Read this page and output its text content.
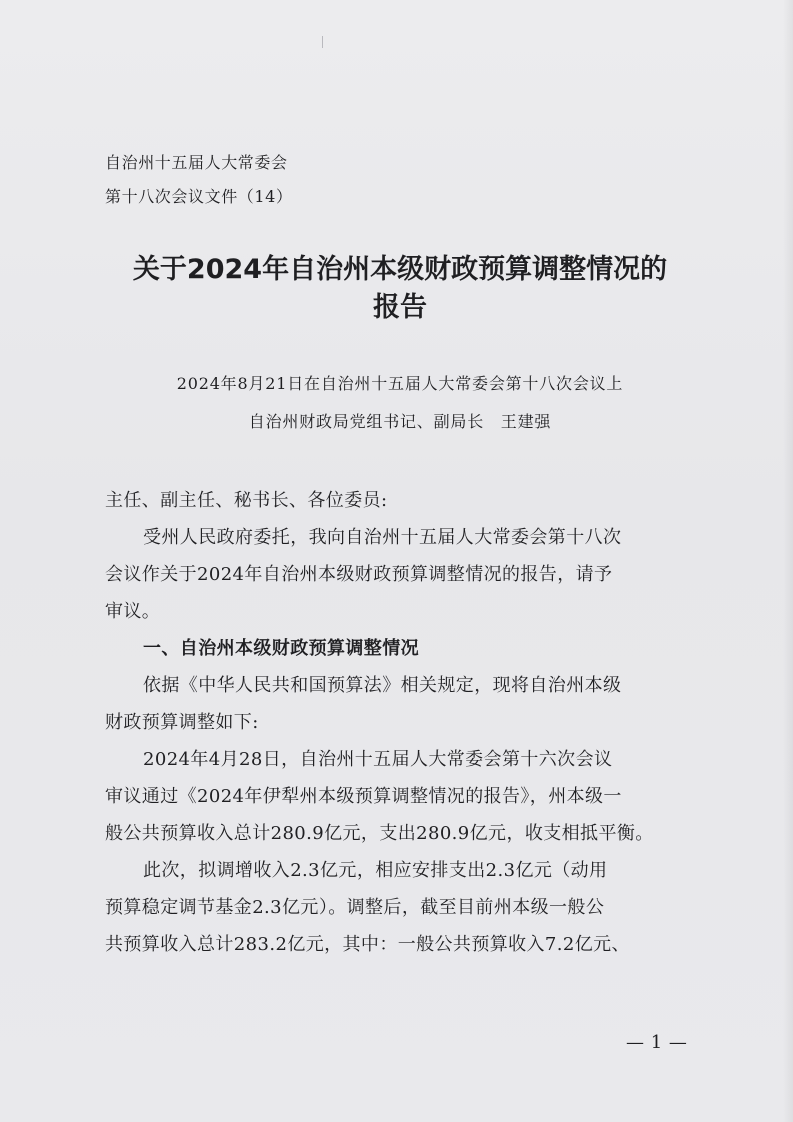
自治州十五届人大常委会
第十八次会议文件（14）
关于2024年自治州本级财政预算调整情况的
报告
2024年8月21日在自治州十五届人大常委会第十八次会议上
自治州财政局党组书记、副局长　王建强
主任、副主任、秘书长、各位委员:
受州人民政府委托，我向自治州十五届人大常委会第十八次
会议作关于2024年自治州本级财政预算调整情况的报告，请予
审议。
一、自治州本级财政预算调整情况
依据《中华人民共和国预算法》相关规定，现将自治州本级
财政预算调整如下:
2024年4月28日，自治州十五届人大常委会第十六次会议
审议通过《2024年伊犁州本级预算调整情况的报告》，州本级一
般公共预算收入总计280.9亿元，支出280.9亿元，收支相抵平衡。
此次，拟调增收入2.3亿元，相应安排支出2.3亿元（动用
预算稳定调节基金2.3亿元）。调整后，截至目前州本级一般公
共预算收入总计283.2亿元，其中：一般公共预算收入7.2亿元、
— 1 —
